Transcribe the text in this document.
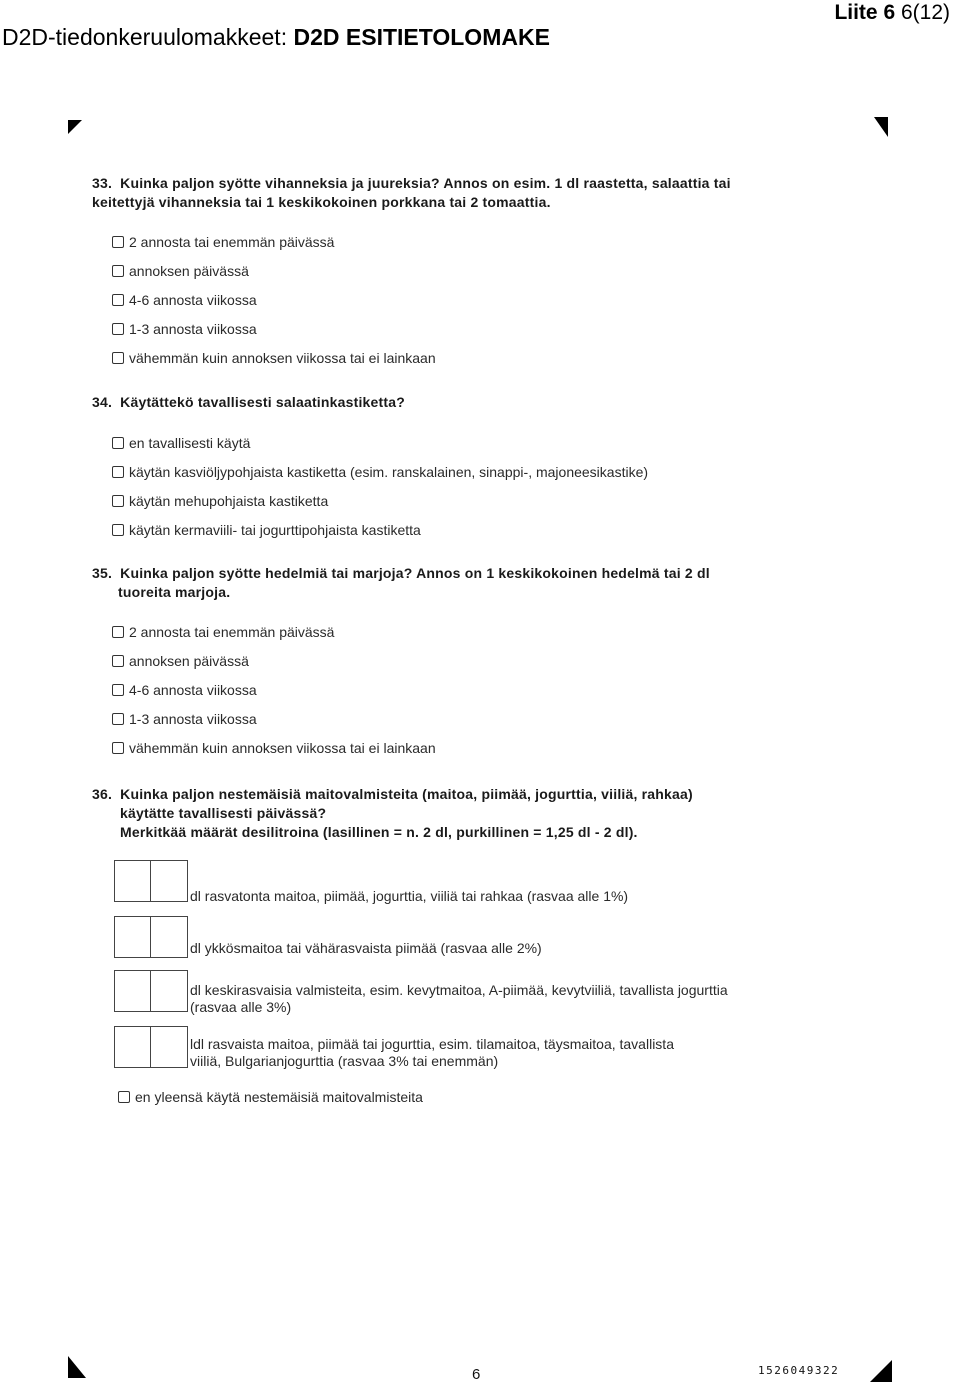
D2D-tiedonkeruulomakkeet: D2D ESITIETOLOMAKE
Liite 6 6(12)
33. Kuinka paljon syötte vihanneksia ja juureksia? Annos on esim. 1 dl raastetta, salaattia tai
keitettyjä vihanneksia tai 1 keskikokoinen porkkana tai 2 tomaattia.
2 annosta tai enemmän päivässä
annoksen päivässä
4-6 annosta viikossa
1-3 annosta viikossa
vähemmän kuin annoksen viikossa tai ei lainkaan
34. Käytättekö tavallisesti salaatinkastiketta?
en tavallisesti käytä
käytän kasviöljypohjaista kastiketta (esim. ranskalainen, sinappi-, majoneesikastike)
käytän mehupohjaista kastiketta
käytän kermaviili- tai jogurttipohjaista kastiketta
35. Kuinka paljon syötte hedelmiä tai marjoja? Annos on 1 keskikokoinen hedelmä tai 2 dl
tuoreita marjoja.
2 annosta tai enemmän päivässä
annoksen päivässä
4-6 annosta viikossa
1-3 annosta viikossa
vähemmän kuin annoksen viikossa tai ei lainkaan
36. Kuinka paljon nestemäisiä maitovalmisteita (maitoa, piimää, jogurttia, viiliä, rahkaa)
käytätte tavallisesti päivässä?
Merkitkää määrät desilitroina (lasillinen = n. 2 dl, purkillinen = 1,25 dl - 2 dl).
dl rasvatonta maitoa, piimää, jogurttia, viiliä tai rahkaa (rasvaa alle 1%)
dl ykkösmaitoa tai vähärasvaista piimää (rasvaa alle 2%)
dl keskirasvaisia valmisteita, esim. kevytmaitoa, A-piimää, kevytviiliä, tavallista jogurttia
(rasvaa alle 3%)
ldl rasvaista maitoa, piimää tai jogurttia, esim. tilamaitoa, täysmaitoa, tavallista
viiliä, Bulgarianjogurttia (rasvaa 3% tai enemmän)
en yleensä käytä nestemäisiä maitovalmisteita
6	1526049322
